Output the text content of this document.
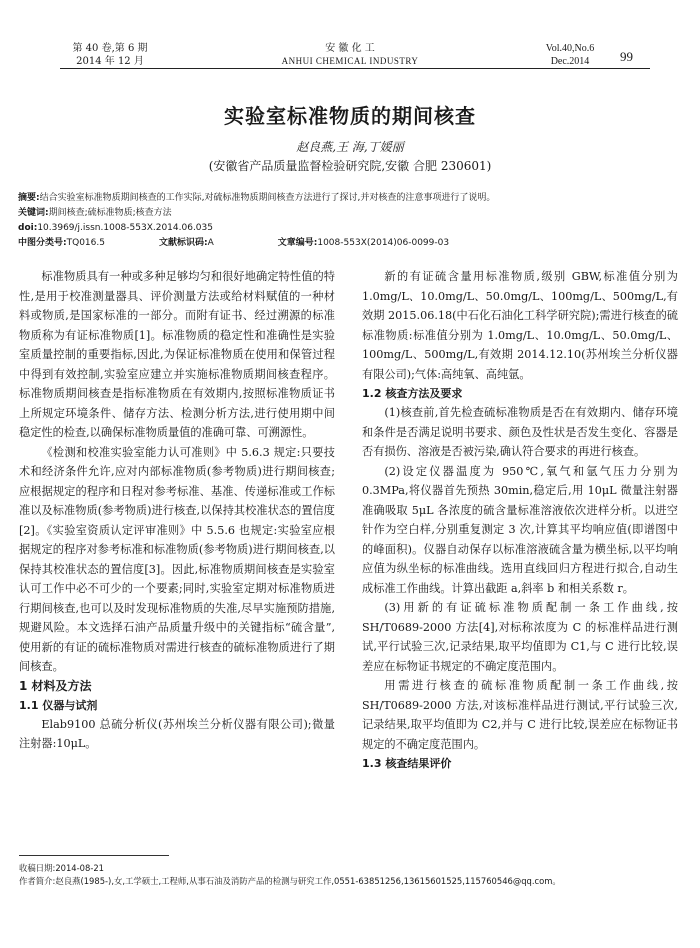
第 40 卷,第 6 期
2014 年 12 月
安 徽 化 工
ANHUI CHEMICAL INDUSTRY
Vol.40,No.6
Dec.2014	99
实验室标准物质的期间核查
赵良燕,王 海,丁媛丽
(安徽省产品质量监督检验研究院,安徽 合肥 230601)
摘要:结合实验室标准物质期间核查的工作实际,对硫标准物质期间核查方法进行了探讨,并对核查的注意事项进行了说明。
关键词:期间核查;硫标准物质;核查方法
doi:10.3969/j.issn.1008-553X.2014.06.035
中图分类号:TQ016.5	文献标识码:A	文章编号:1008-553X(2014)06-0099-03

标准物质具有一种或多种足够均匀和很好地确定特性值的特性,是用于校准测量器具、评价测量方法或给材料赋值的一种材料或物质,是国家标准的一部分。而附有证书、经过溯源的标准物质称为有证标准物质[1]。标准物质的稳定性和准确性是实验室质量控制的重要指标,因此,为保证标准物质在使用和保管过程中得到有效控制,实验室应建立并实施标准物质期间核查程序。标准物质期间核查是指标准物质在有效期内,按照标准物质证书上所规定环境条件、储存方法、检测分析方法,进行使用期中间稳定性的检查,以确保标准物质量值的准确可靠、可溯源性。

《检测和校准实验室能力认可准则》中 5.6.3 规定:只要技术和经济条件允许,应对内部标准物质(参考物质)进行期间核查;应根据规定的程序和日程对参考标准、基准、传递标准或工作标准以及标准物质(参考物质)进行核查,以保持其校准状态的置信度[2]。《实验室资质认定评审准则》中 5.5.6 也规定:实验室应根据规定的程序对参考标准和标准物质(参考物质)进行期间核查,以保持其校准状态的置信度[3]。因此,标准物质期间核查是实验室认可工作中必不可少的一个要素;同时,实验室定期对标准物质进行期间核查,也可以及时发现标准物质的失准,尽早实施预防措施,规避风险。本文选择石油产品质量升级中的关键指标“硫含量”,使用新的有证的硫标准物质对需进行核查的硫标准物质进行了期间核查。

1 材料及方法
1.1 仪器与试剂

Elab9100 总硫分析仪(苏州埃兰分析仪器有限公司);微量注射器:10μL。

新的有证硫含量用标准物质,级别 GBW,标准值分别为 1.0mg/L、10.0mg/L、50.0mg/L、100mg/L、500mg/L,有效期 2015.06.18(中石化石油化工科学研究院);需进行核查的硫标准物质:标准值分别为 1.0mg/L、10.0mg/L、50.0mg/L、100mg/L、500mg/L,有效期 2014.12.10(苏州埃兰分析仪器有限公司);气体:高纯氧、高纯氩。

1.2 核查方法及要求

(1)核查前,首先检查硫标准物质是否在有效期内、储存环境和条件是否满足说明书要求、颜色及性状是否发生变化、容器是否有损伤、溶液是否被污染,确认符合要求的再进行核查。

(2)设定仪器温度为 950℃,氧气和氩气压力分别为 0.3MPa,将仪器首先预热 30min,稳定后,用 10μL 微量注射器准确吸取 5μL 各浓度的硫含量标准溶液依次进样分析。以进空针作为空白样,分别重复测定 3 次,计算其平均响应值(即谱图中的峰面积)。仪器自动保存以标准溶液硫含量为横坐标,以平均响应值为纵坐标的标准曲线。选用直线回归方程进行拟合,自动生成标准工作曲线。计算出截距 a,斜率 b 和相关系数 r。

(3)用新的有证硫标准物质配制一条工作曲线,按 SH/T0689-2000 方法[4],对标称浓度为 C 的标准样品进行测试,平行试验三次,记录结果,取平均值即为 C1,与 C 进行比较,误差应在标物证书规定的不确定度范围内。

用需进行核查的硫标准物质配制一条工作曲线,按 SH/T0689-2000 方法,对该标准样品进行测试,平行试验三次,记录结果,取平均值即为 C2,并与 C 进行比较,误差应在标物证书规定的不确定度范围内。

1.3 核查结果评价
收稿日期:2014-08-21
作者简介:赵良燕(1985-),女,工学硕士,工程师,从事石油及消防产品的检测与研究工作,0551-63851256,13615601525,115760546@qq.com。
